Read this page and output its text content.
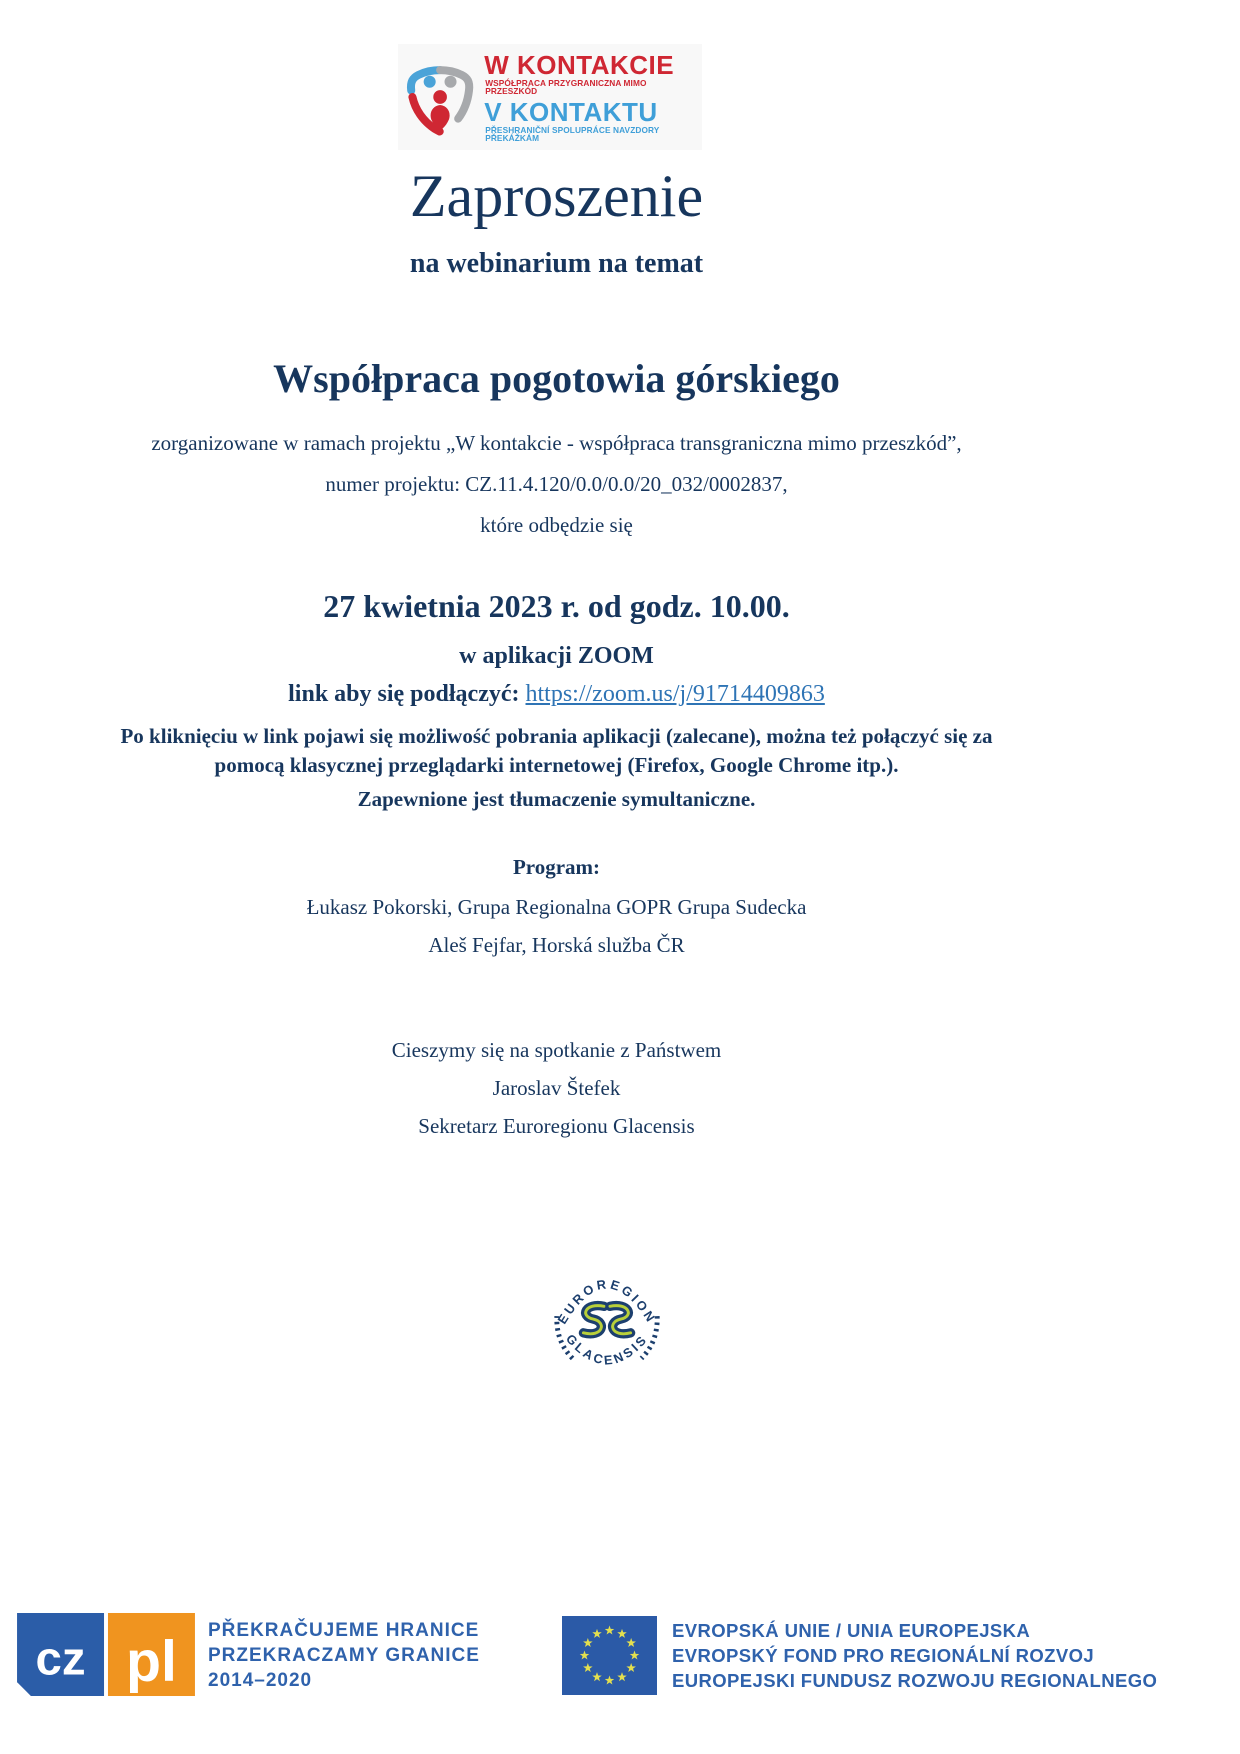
W KONTAKCIE
WSPÓŁPRACA PRZYGRANICZNA MIMO PRZESZKÓD
V KONTAKTU
PŘESHRANIČNÍ SPOLUPRÁCE NAVZDORY PŘEKÁŽKÁM
Zaproszenie
na webinarium na temat
Współpraca pogotowia górskiego
zorganizowane w ramach projektu „W kontakcie - współpraca transgraniczna mimo przeszkód”,
numer projektu: CZ.11.4.120/0.0/0.0/20_032/0002837,
które odbędzie się
27 kwietnia 2023 r. od godz. 10.00.
w aplikacji ZOOM
link aby się podłączyć: https://zoom.us/j/91714409863
Po kliknięciu w link pojawi się możliwość pobrania aplikacji (zalecane), można też połączyć się za
pomocą klasycznej przeglądarki internetowej (Firefox, Google Chrome itp.).
Zapewnione jest tłumaczenie symultaniczne.
Program:
Łukasz Pokorski, Grupa Regionalna GOPR Grupa Sudecka
Aleš Fejfar, Horská služba ČR
Cieszymy się na spotkanie z Państwem
Jaroslav Štefek
Sekretarz Euroregionu Glacensis
EUROREGION
GLACENSIS
cz pl PŘEKRAČUJEME HRANICE
PRZEKRACZAMY GRANICE
2014–2020
EVROPSKÁ UNIE / UNIA EUROPEJSKA
EVROPSKÝ FOND PRO REGIONÁLNÍ ROZVOJ
EUROPEJSKI FUNDUSZ ROZWOJU REGIONALNEGO
